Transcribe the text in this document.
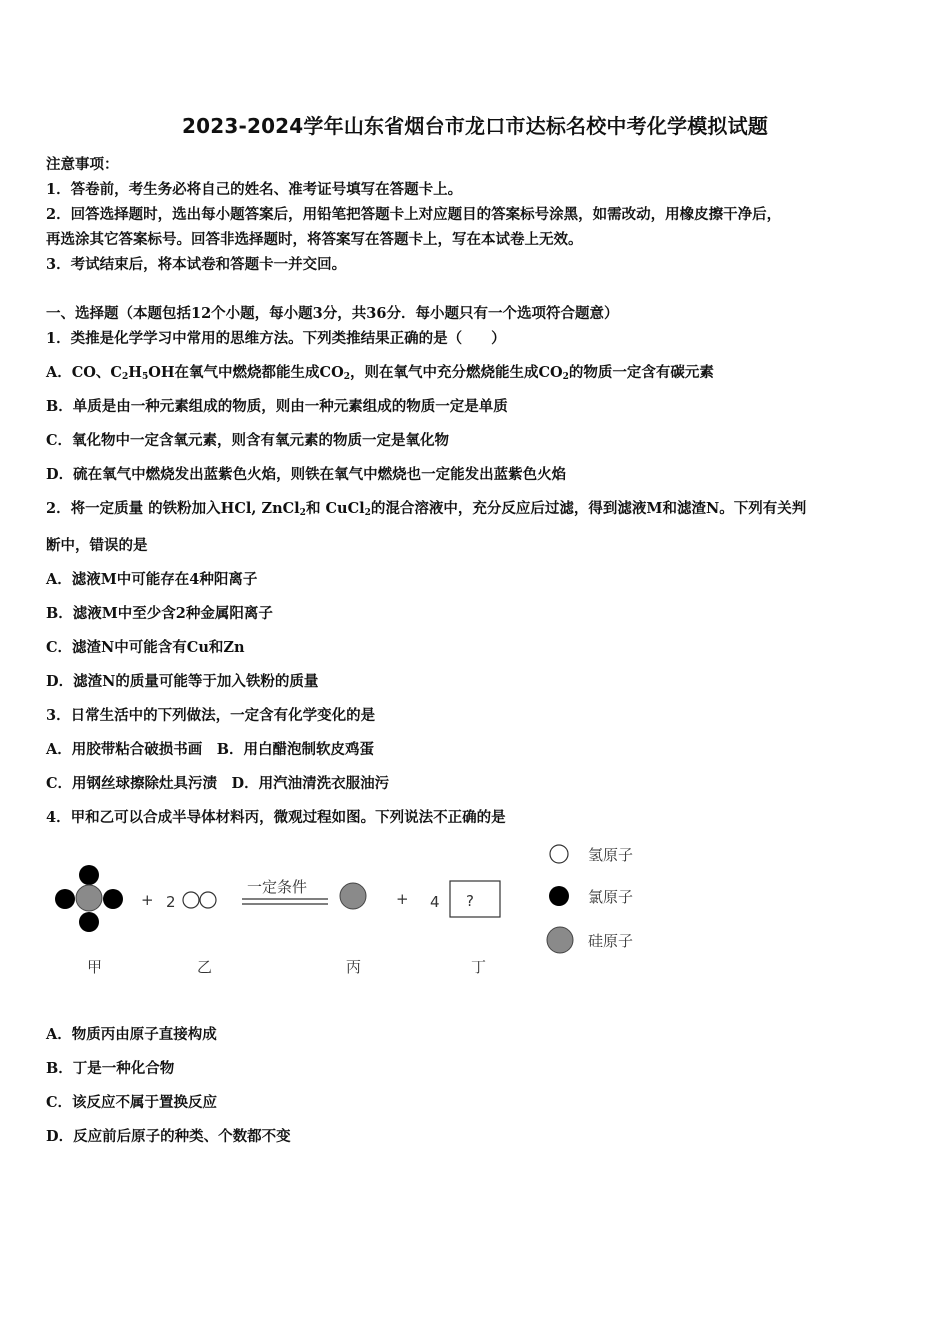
2023-2024学年山东省烟台市龙口市达标名校中考化学模拟试题
注意事项：
1．答卷前，考生务必将自己的姓名、准考证号填写在答题卡上。
2．回答选择题时，选出每小题答案后，用铅笔把答题卡上对应题目的答案标号涂黑，如需改动，用橡皮擦干净后，
再选涂其它答案标号。回答非选择题时，将答案写在答题卡上，写在本试卷上无效。
3．考试结束后，将本试卷和答题卡一并交回。
一、选择题（本题包括12个小题，每小题3分，共36分．每小题只有一个选项符合题意）
1．类推是化学学习中常用的思维方法。下列类推结果正确的是（　　）
A．CO、$C_2H_5OH$在氧气中燃烧都能生成$CO_2$，则在氧气中充分燃烧能生成$CO_2$的物质一定含有碳元素
B．单质是由一种元素组成的物质，则由一种元素组成的物质一定是单质
C．氧化物中一定含氧元素，则含有氧元素的物质一定是氧化物
D．硫在氧气中燃烧发出蓝紫色火焰，则铁在氧气中燃烧也一定能发出蓝紫色火焰
2．将一定质量 的铁粉加入HCl, ZnCl$_2$和 CuCl$_2$的混合溶液中，充分反应后过滤，得到滤液M和滤渣N。下列有关判
断中，错误的是
A．滤液M中可能存在4种阳离子
B．滤液M中至少含2种金属阳离子
C．滤渣N中可能含有Cu和Zn
D．滤渣N的质量可能等于加入铁粉的质量
3．日常生活中的下列做法，一定含有化学变化的是
A．用胶带粘合破损书画　B．用白醋泡制软皮鸡蛋
C．用钢丝球擦除灶具污渍　D．用汽油清洗衣服油污
4．甲和乙可以合成半导体材料丙，微观过程如图。下列说法不正确的是
+ 2
一定条件
+ 4 ?
甲	乙	丙	丁
氢原子
氯原子
硅原子
A．物质丙由原子直接构成
B．丁是一种化合物
C．该反应不属于置换反应
D．反应前后原子的种类、个数都不变
